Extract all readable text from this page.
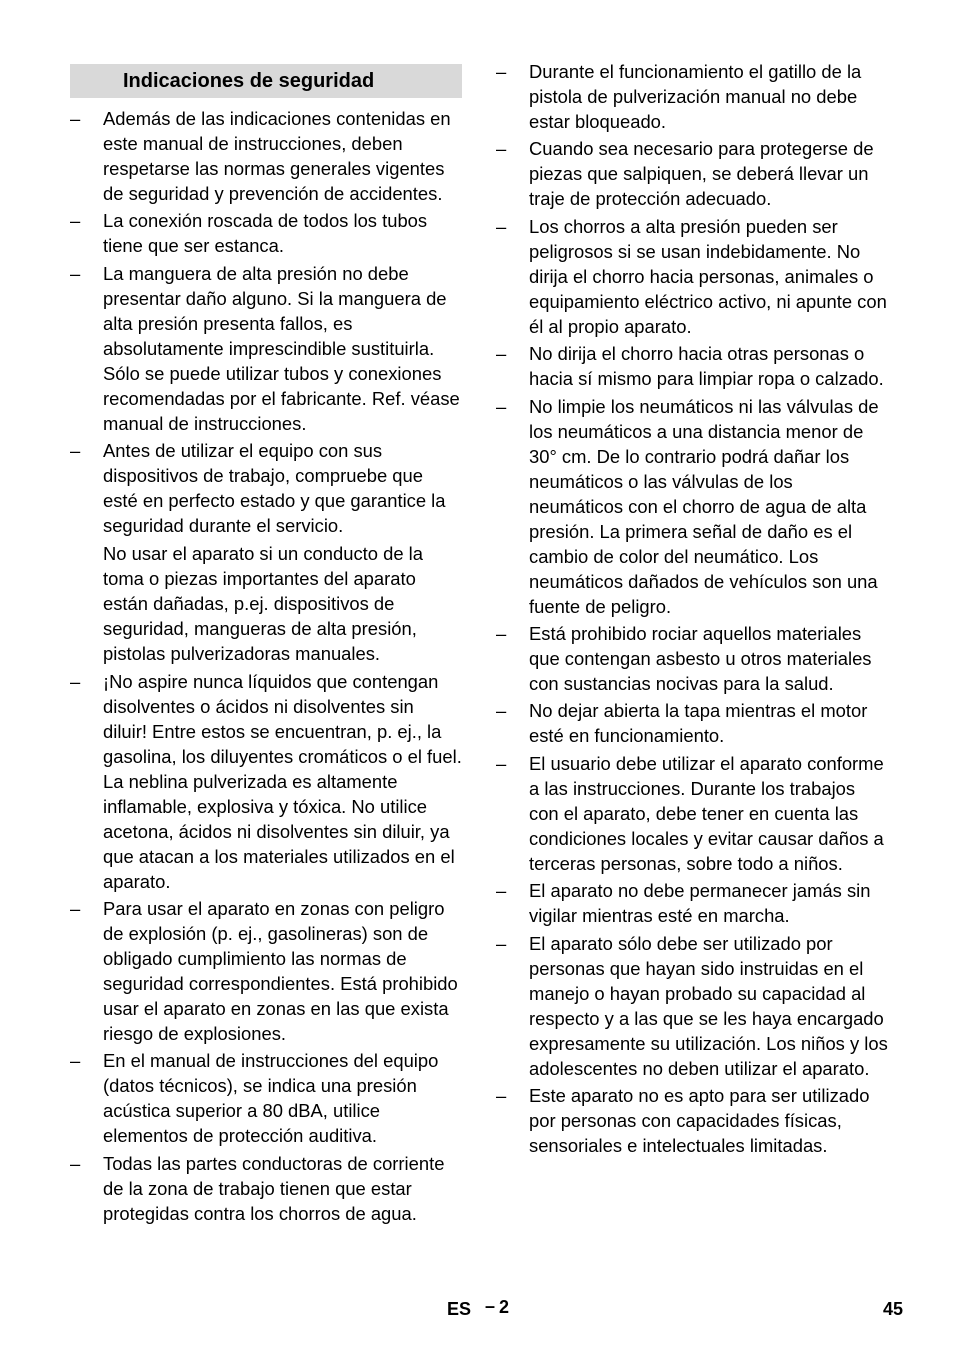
Indicaciones de seguridad
– Además de las indicaciones contenidas en este manual de instrucciones, deben respetarse las normas generales vigentes de seguridad y prevención de accidentes.

– La conexión roscada de todos los tubos tiene que ser estanca.

– La manguera de alta presión no debe presentar daño alguno. Si la manguera de alta presión presenta fallos, es absolutamente imprescindible sustituirla. Sólo se puede utilizar tubos y conexiones recomendadas por el fabricante. Ref. véase manual de instrucciones.

– Antes de utilizar el equipo con sus dispositivos de trabajo, compruebe que esté en perfecto estado y que garantice la seguridad durante el servicio.

No usar el aparato si un conducto de la toma o piezas importantes del aparato están dañadas, p.ej. dispositivos de seguridad, mangueras de alta presión, pistolas pulverizadoras manuales.

– ¡No aspire nunca líquidos que contengan disolventes o ácidos ni disolventes sin diluir! Entre estos se encuentran, p. ej., la gasolina, los diluyentes cromáticos o el fuel. La neblina pulverizada es altamente inflamable, explosiva y tóxica. No utilice acetona, ácidos ni disolventes sin diluir, ya que atacan a los materiales utilizados en el aparato.

– Para usar el aparato en zonas con peligro de explosión (p. ej., gasolineras) son de obligado cumplimiento las normas de seguridad correspondientes. Está prohibido usar el aparato en zonas en las que exista riesgo de explosiones.

– En el manual de instrucciones del equipo (datos técnicos), se indica una presión acústica superior a 80 dBA, utilice elementos de protección auditiva.

– Todas las partes conductoras de corriente de la zona de trabajo tienen que estar protegidas contra los chorros de agua.

– Durante el funcionamiento el gatillo de la pistola de pulverización manual no debe estar bloqueado.

– Cuando sea necesario para protegerse de piezas que salpiquen, se deberá llevar un traje de protección adecuado.

– Los chorros a alta presión pueden ser peligrosos si se usan indebidamente. No dirija el chorro hacia personas, animales o equipamiento eléctrico activo, ni apunte con él al propio aparato.

– No dirija el chorro hacia otras personas o hacia sí mismo para limpiar ropa o calzado.

– No limpie los neumáticos ni las válvulas de los neumáticos a una distancia menor de 30° cm. De lo contrario podrá dañar los neumáticos o las válvulas de los neumáticos con el chorro de agua de alta presión. La primera señal de daño es el cambio de color del neumático. Los neumáticos dañados de vehículos son una fuente de peligro.

– Está prohibido rociar aquellos materiales que contengan asbesto u otros materiales con sustancias nocivas para la salud.

– No dejar abierta la tapa mientras el motor esté en funcionamiento.

– El usuario debe utilizar el aparato conforme a las instrucciones. Durante los trabajos con el aparato, debe tener en cuenta las condiciones locales y evitar causar daños a terceras personas, sobre todo a niños.

– El aparato no debe permanecer jamás sin vigilar mientras esté en marcha.

– El aparato sólo debe ser utilizado por personas que hayan sido instruidas en el manejo o hayan probado su capacidad al respecto y a las que se les haya encargado expresamente su utilización. Los niños y los adolescentes no deben utilizar el aparato.

– Este aparato no es apto para ser utilizado por personas con capacidades físicas, sensoriales e intelectuales limitadas.

ES – 2	45
